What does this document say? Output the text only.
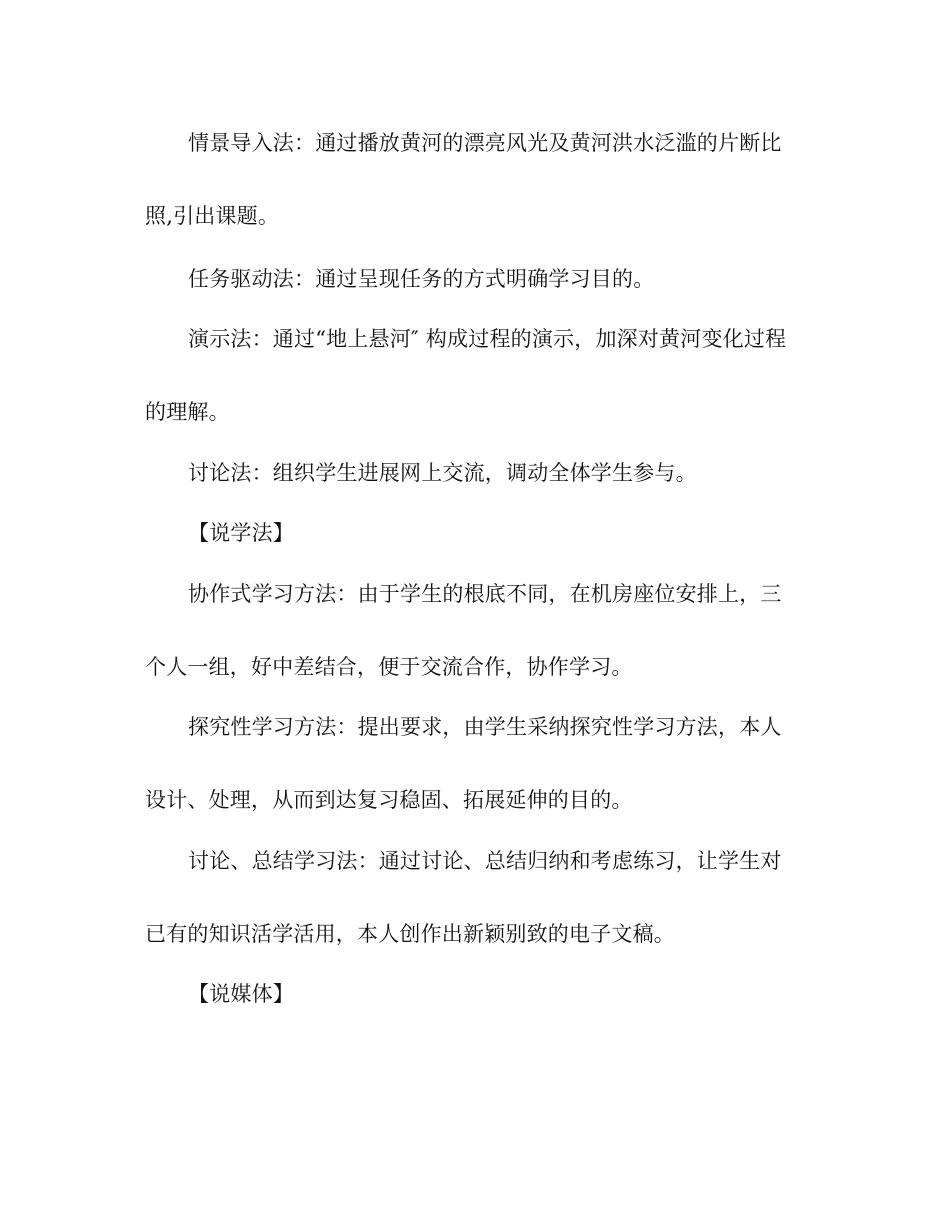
情景导入法：通过播放黄河的漂亮风光及黄河洪水泛滥的片断比
照,引出课题。
任务驱动法：通过呈现任务的方式明确学习目的。
演示法：通过“地上悬河″ 构成过程的演示，加深对黄河变化过程
的理解。
讨论法：组织学生进展网上交流，调动全体学生参与。
【说学法】
协作式学习方法：由于学生的根底不同，在机房座位安排上，三
个人一组，好中差结合，便于交流合作，协作学习。
探究性学习方法：提出要求，由学生采纳探究性学习方法，本人
设计、处理，从而到达复习稳固、拓展延伸的目的。
讨论、总结学习法：通过讨论、总结归纳和考虑练习，让学生对
已有的知识活学活用，本人创作出新颖别致的电子文稿。
【说媒体】
